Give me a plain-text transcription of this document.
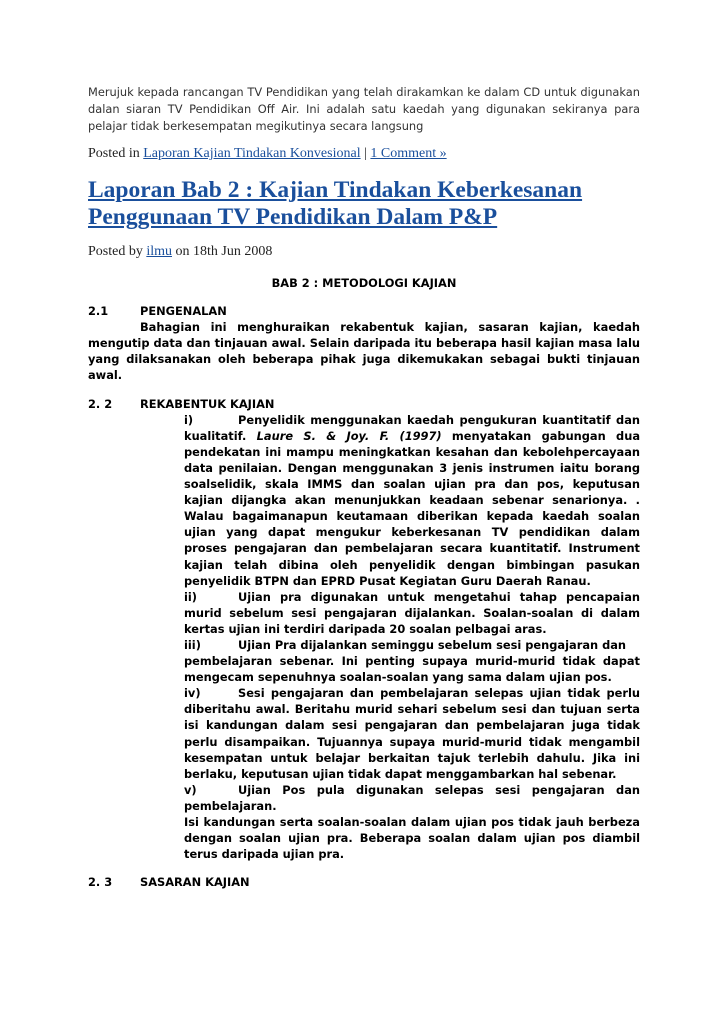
Merujuk kepada rancangan TV Pendidikan yang telah dirakamkan ke dalam CD untuk digunakan dalan siaran TV Pendidikan Off Air. Ini adalah satu kaedah yang digunakan sekiranya para pelajar tidak berkesempatan megikutinya secara langsung

Posted in Laporan Kajian Tindakan Konvesional | 1 Comment »

Laporan Bab 2 : Kajian Tindakan Keberkesanan Penggunaan TV Pendidikan Dalam P&P

Posted by ilmu on 18th Jun 2008

BAB 2 : METODOLOGI KAJIAN

2.1	PENGENALAN

Bahagian ini menghuraikan rekabentuk kajian, sasaran kajian, kaedah mengutip data dan tinjauan awal. Selain daripada itu beberapa hasil kajian masa lalu yang dilaksanakan oleh beberapa pihak juga dikemukakan sebagai bukti tinjauan awal.

2. 2	REKABENTUK KAJIAN

i)	Penyelidik menggunakan kaedah pengukuran kuantitatif dan kualitatif. Laure S. & Joy. F. (1997) menyatakan gabungan dua pendekatan ini mampu meningkatkan kesahan dan kebolehpercayaan data penilaian. Dengan menggunakan 3 jenis instrumen iaitu borang soalselidik, skala IMMS dan soalan ujian pra dan pos, keputusan kajian dijangka akan menunjukkan keadaan sebenar senarionya. . Walau bagaimanapun keutamaan diberikan kepada kaedah soalan ujian yang dapat mengukur keberkesanan TV pendidikan dalam proses pengajaran dan pembelajaran secara kuantitatif. Instrument kajian telah dibina oleh penyelidik dengan bimbingan pasukan penyelidik BTPN dan EPRD Pusat Kegiatan Guru Daerah Ranau.

ii)	Ujian pra digunakan untuk mengetahui tahap pencapaian murid sebelum sesi pengajaran dijalankan. Soalan-soalan di dalam kertas ujian ini terdiri daripada 20 soalan pelbagai aras.

iii)	Ujian Pra dijalankan seminggu sebelum sesi pengajaran dan

pembelajaran sebenar. Ini penting supaya murid-murid tidak dapat mengecam sepenuhnya soalan-soalan yang sama dalam ujian pos.

iv)	Sesi pengajaran dan pembelajaran selepas ujian tidak perlu diberitahu awal. Beritahu murid sehari sebelum sesi dan tujuan serta isi kandungan dalam sesi pengajaran dan pembelajaran juga tidak perlu disampaikan. Tujuannya supaya murid-murid tidak mengambil kesempatan untuk belajar berkaitan tajuk terlebih dahulu. Jika ini berlaku, keputusan ujian tidak dapat menggambarkan hal sebenar.

v)	Ujian Pos pula digunakan selepas sesi pengajaran dan pembelajaran.

Isi kandungan serta soalan-soalan dalam ujian pos tidak jauh berbeza dengan soalan ujian pra. Beberapa soalan dalam ujian pos diambil terus daripada ujian pra.

2. 3	SASARAN KAJIAN
